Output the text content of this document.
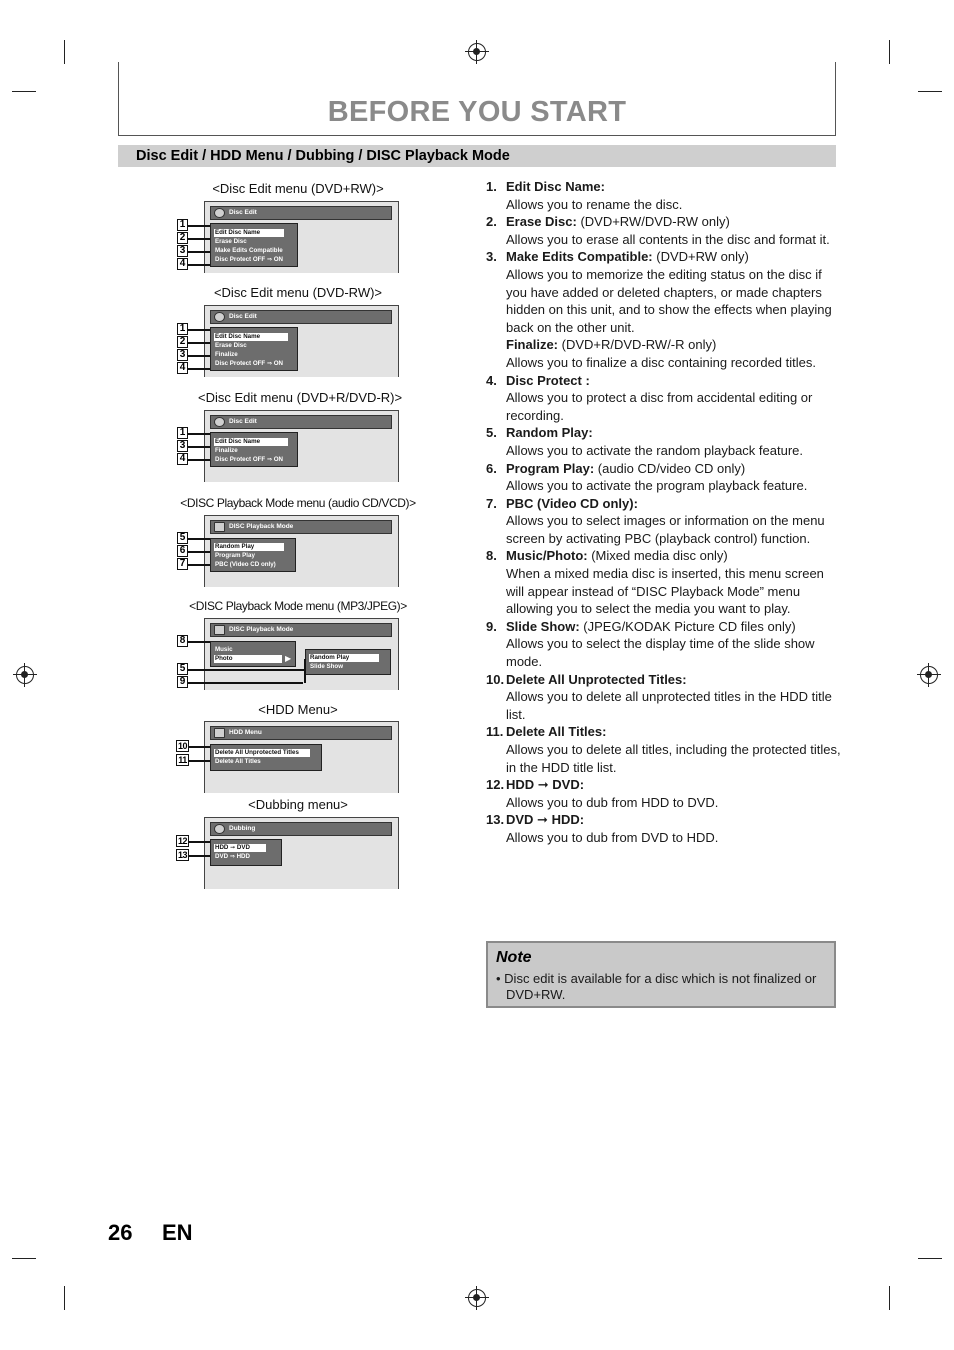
BEFORE YOU START
Disc Edit / HDD Menu / Dubbing / DISC Playback Mode
<Disc Edit menu (DVD+RW)>
Disc Edit
Edit Disc Name
Erase Disc
Make Edits Compatible
Disc Protect OFF ⇒ ON
1
2
3
4
<Disc Edit menu (DVD-RW)>
Disc Edit
Edit Disc Name
Erase Disc
Finalize
Disc Protect OFF ⇒ ON
1
2
3
4
<Disc Edit menu (DVD+R/DVD-R)>
Disc Edit
Edit Disc Name
Finalize
Disc Protect OFF ⇒ ON
1
3
4
<DISC Playback Mode menu (audio CD/VCD)>
DISC Playback Mode
Random Play
Program Play
PBC (Video CD only)
5
6
7
<DISC Playback Mode menu (MP3/JPEG)>
DISC Playback Mode
Music
Photo	▶	Random Play
Slide Show
8
5
9
<HDD Menu>
HDD Menu
Delete All Unprotected Titles
Delete All Titles
10
11
<Dubbing menu>
Dubbing
HDD ➞ DVD
DVD ⇒ HDD
12
13
1. Edit Disc Name:
Allows you to rename the disc.
2. Erase Disc: (DVD+RW/DVD-RW only)
Allows you to erase all contents in the disc and format it.
3. Make Edits Compatible: (DVD+RW only)
Allows you to memorize the editing status on the disc if you have added or deleted chapters, or made chapters hidden on this unit, and to show the effects when playing back on the other unit.
Finalize: (DVD+R/DVD-RW/-R only)
Allows you to finalize a disc containing recorded titles.
4. Disc Protect :
Allows you to protect a disc from accidental editing or recording.
5. Random Play:
Allows you to activate the random playback feature.
6. Program Play: (audio CD/video CD only)
Allows you to activate the program playback feature.
7. PBC (Video CD only):
Allows you to select images or information on the menu screen by activating PBC (playback control) function.
8. Music/Photo: (Mixed media disc only)
When a mixed media disc is inserted, this menu screen will appear instead of “DISC Playback Mode” menu allowing you to select the media you want to play.
9. Slide Show: (JPEG/KODAK Picture CD files only)
Allows you to select the display time of the slide show mode.
10. Delete All Unprotected Titles:
Allows you to delete all unprotected titles in the HDD title list.
11. Delete All Titles:
Allows you to delete all titles, including the protected titles, in the HDD title list.
12. HDD ➞ DVD:
Allows you to dub from HDD to DVD.
13. DVD ➞ HDD:
Allows you to dub from DVD to HDD.
Note
• Disc edit is available for a disc which is not finalized or DVD+RW.
26 EN
